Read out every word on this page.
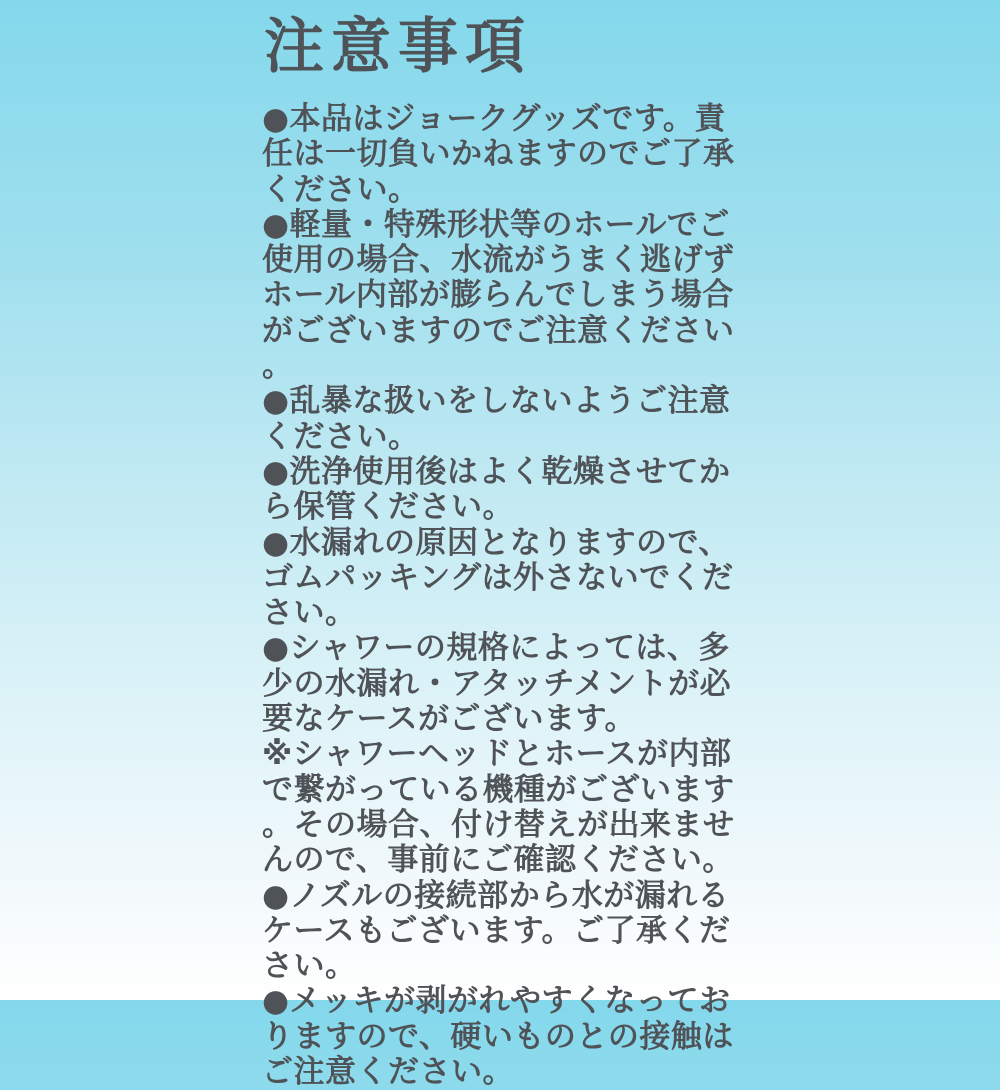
注意事項

●本品はジョークグッズです。責任は一切負いかねますのでご了承ください。

●軽量・特殊形状等のホールでご使用の場合、水流がうまく逃げずホール内部が膨らんでしまう場合がございますのでご注意ください。

●乱暴な扱いをしないようご注意ください。

●洗浄使用後はよく乾燥させてから保管ください。

●水漏れの原因となりますので、ゴムパッキングは外さないでください。

●シャワーの規格によっては、多少の水漏れ・アタッチメントが必要なケースがございます。

※シャワーヘッドとホースが内部で繋がっている機種がございます。その場合、付け替えが出来ませんので、事前にご確認ください。

●ノズルの接続部から水が漏れるケースもございます。ご了承ください。

●メッキが剥がれやすくなっておりますので、硬いものとの接触はご注意ください。
